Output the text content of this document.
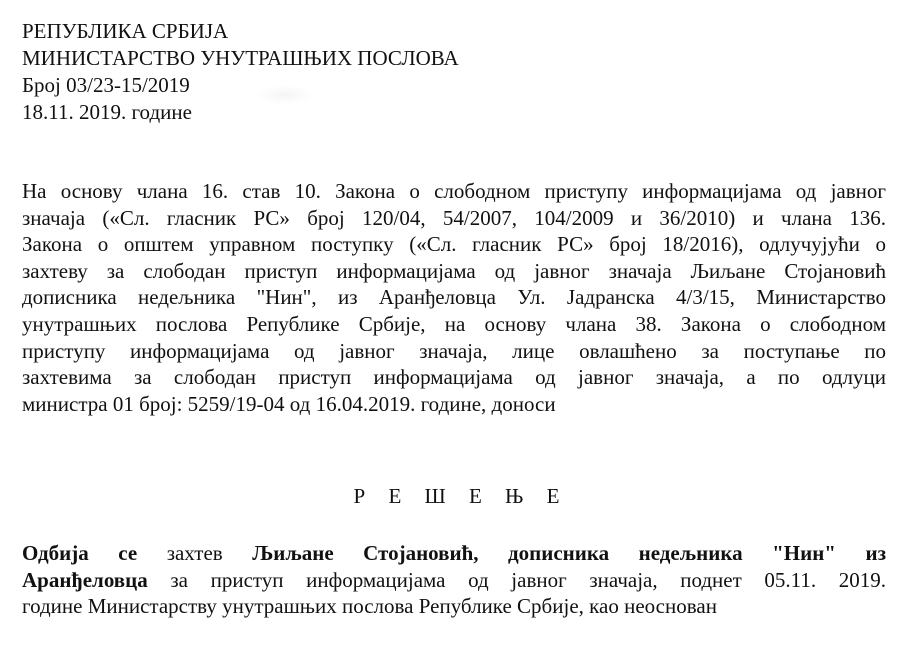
РЕПУБЛИКА СРБИЈА
МИНИСТАРСТВО УНУТРАШЊИХ ПОСЛОВА
Број 03/23-15/2019
18.11. 2019. године
На основу члана 16. став 10. Закона о слободном приступу информацијама од јавног
значаја («Сл. гласник РС» број 120/04, 54/2007, 104/2009 и 36/2010) и члана 136.
Закона о општем управном поступку («Сл. гласник РС» број 18/2016), одлучујући о
захтеву за слободан приступ информацијама од јавног значаја Љиљане Стојановић
дописника недељника "Нин", из Аранђеловца Ул. Јадранска 4/3/15, Министарство
унутрашњих послова Републике Србије, на основу члана 38. Закона о слободном
приступу информацијама од јавног значаја, лице овлашћено за поступање по
захтевима за слободан приступ информацијама од јавног значаја, а по одлуци
министра 01 број: 5259/19-04 од 16.04.2019. године, доноси
Р Е Ш Е Њ Е
Одбија се захтев Љиљане Стојановић, дописника недељника "Нин" из
Аранђеловца за приступ информацијама од јавног значаја, поднет 05.11. 2019.
године Министарству унутрашњих послова Републике Србије, као неоснован
